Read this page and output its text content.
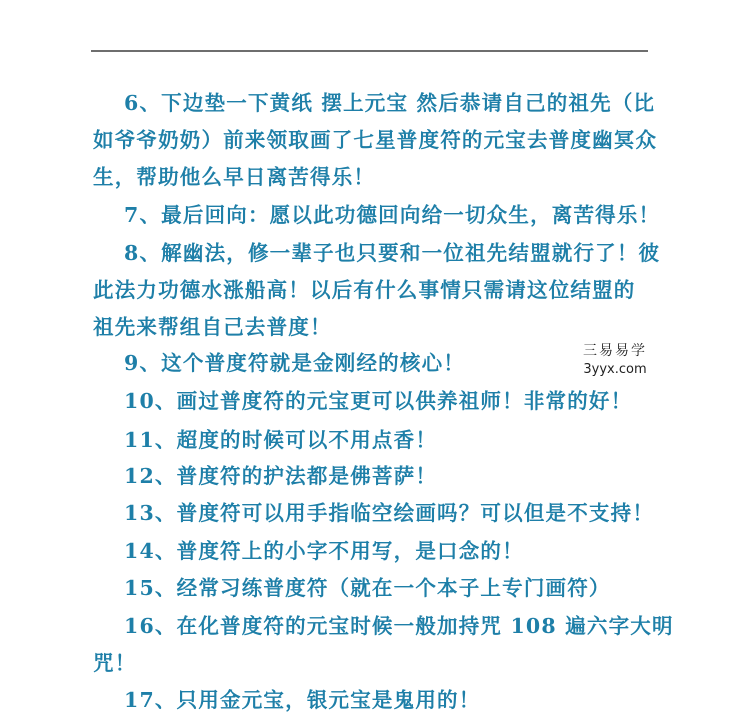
6、下边垫一下黄纸 摆上元宝 然后恭请自己的祖先（比
如爷爷奶奶）前来领取画了七星普度符的元宝去普度幽冥众
生，帮助他么早日离苦得乐！
7、最后回向：愿以此功德回向给一切众生，离苦得乐！
8、解幽法，修一辈子也只要和一位祖先结盟就行了！彼
此法力功德水涨船高！以后有什么事情只需请这位结盟的
祖先来帮组自己去普度！
9、这个普度符就是金刚经的核心！
10、画过普度符的元宝更可以供养祖师！非常的好！
11、超度的时候可以不用点香！
12、普度符的护法都是佛菩萨！
13、普度符可以用手指临空绘画吗？可以但是不支持！
14、普度符上的小字不用写，是口念的！
15、经常习练普度符（就在一个本子上专门画符）
16、在化普度符的元宝时候一般加持咒 108 遍六字大明
咒！
17、只用金元宝，银元宝是鬼用的！
三易易学
3yyx.com
